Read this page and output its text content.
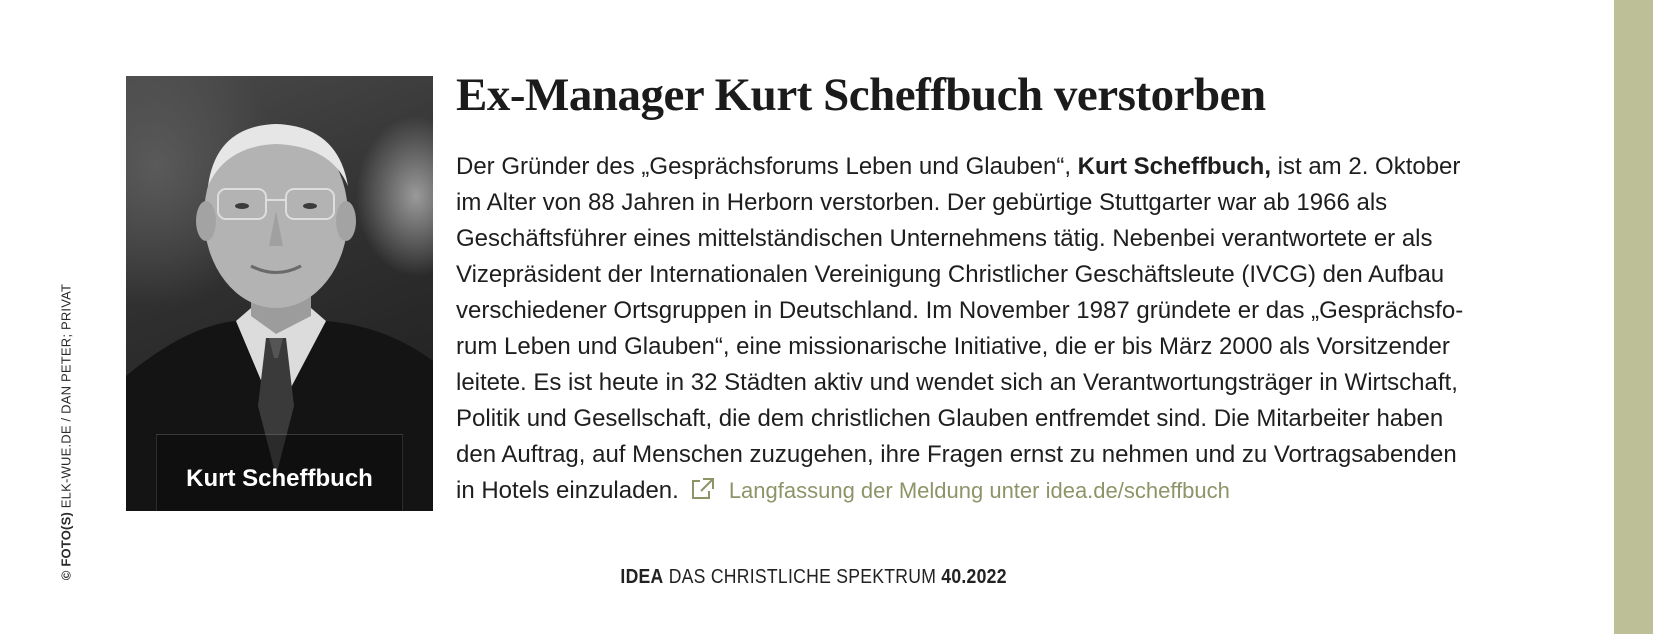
© FOTO(S) ELK-WUE.DE / DAN PETER; PRIVAT	Kurt Scheffbuch
Ex-Manager Kurt Scheffbuch verstorben
Der Gründer des „Gesprächsforums Leben und Glauben“, Kurt Scheffbuch, ist am 2. Oktober
im Alter von 88 Jahren in Herborn verstorben. Der gebürtige Stuttgarter war ab 1966 als
Geschäftsführer eines mittelständischen Unternehmens tätig. Nebenbei verantwortete er als
Vizepräsident der Internationalen Vereinigung Christlicher Geschäftsleute (IVCG) den Aufbau
verschiedener Ortsgruppen in Deutschland. Im November 1987 gründete er das „Gesprächsfo-
rum Leben und Glauben“, eine missionarische Initiative, die er bis März 2000 als Vorsitzender
leitete. Es ist heute in 32 Städten aktiv und wendet sich an Verantwortungsträger in Wirtschaft,
Politik und Gesellschaft, die dem christlichen Glauben entfremdet sind. Die Mitarbeiter haben
den Auftrag, auf Menschen zuzugehen, ihre Fragen ernst zu nehmen und zu Vortragsabenden
in Hotels einzuladen. Langfassung der Meldung unter idea.de/scheffbuch
IDEA DAS CHRISTLICHE SPEKTRUM 40.2022
